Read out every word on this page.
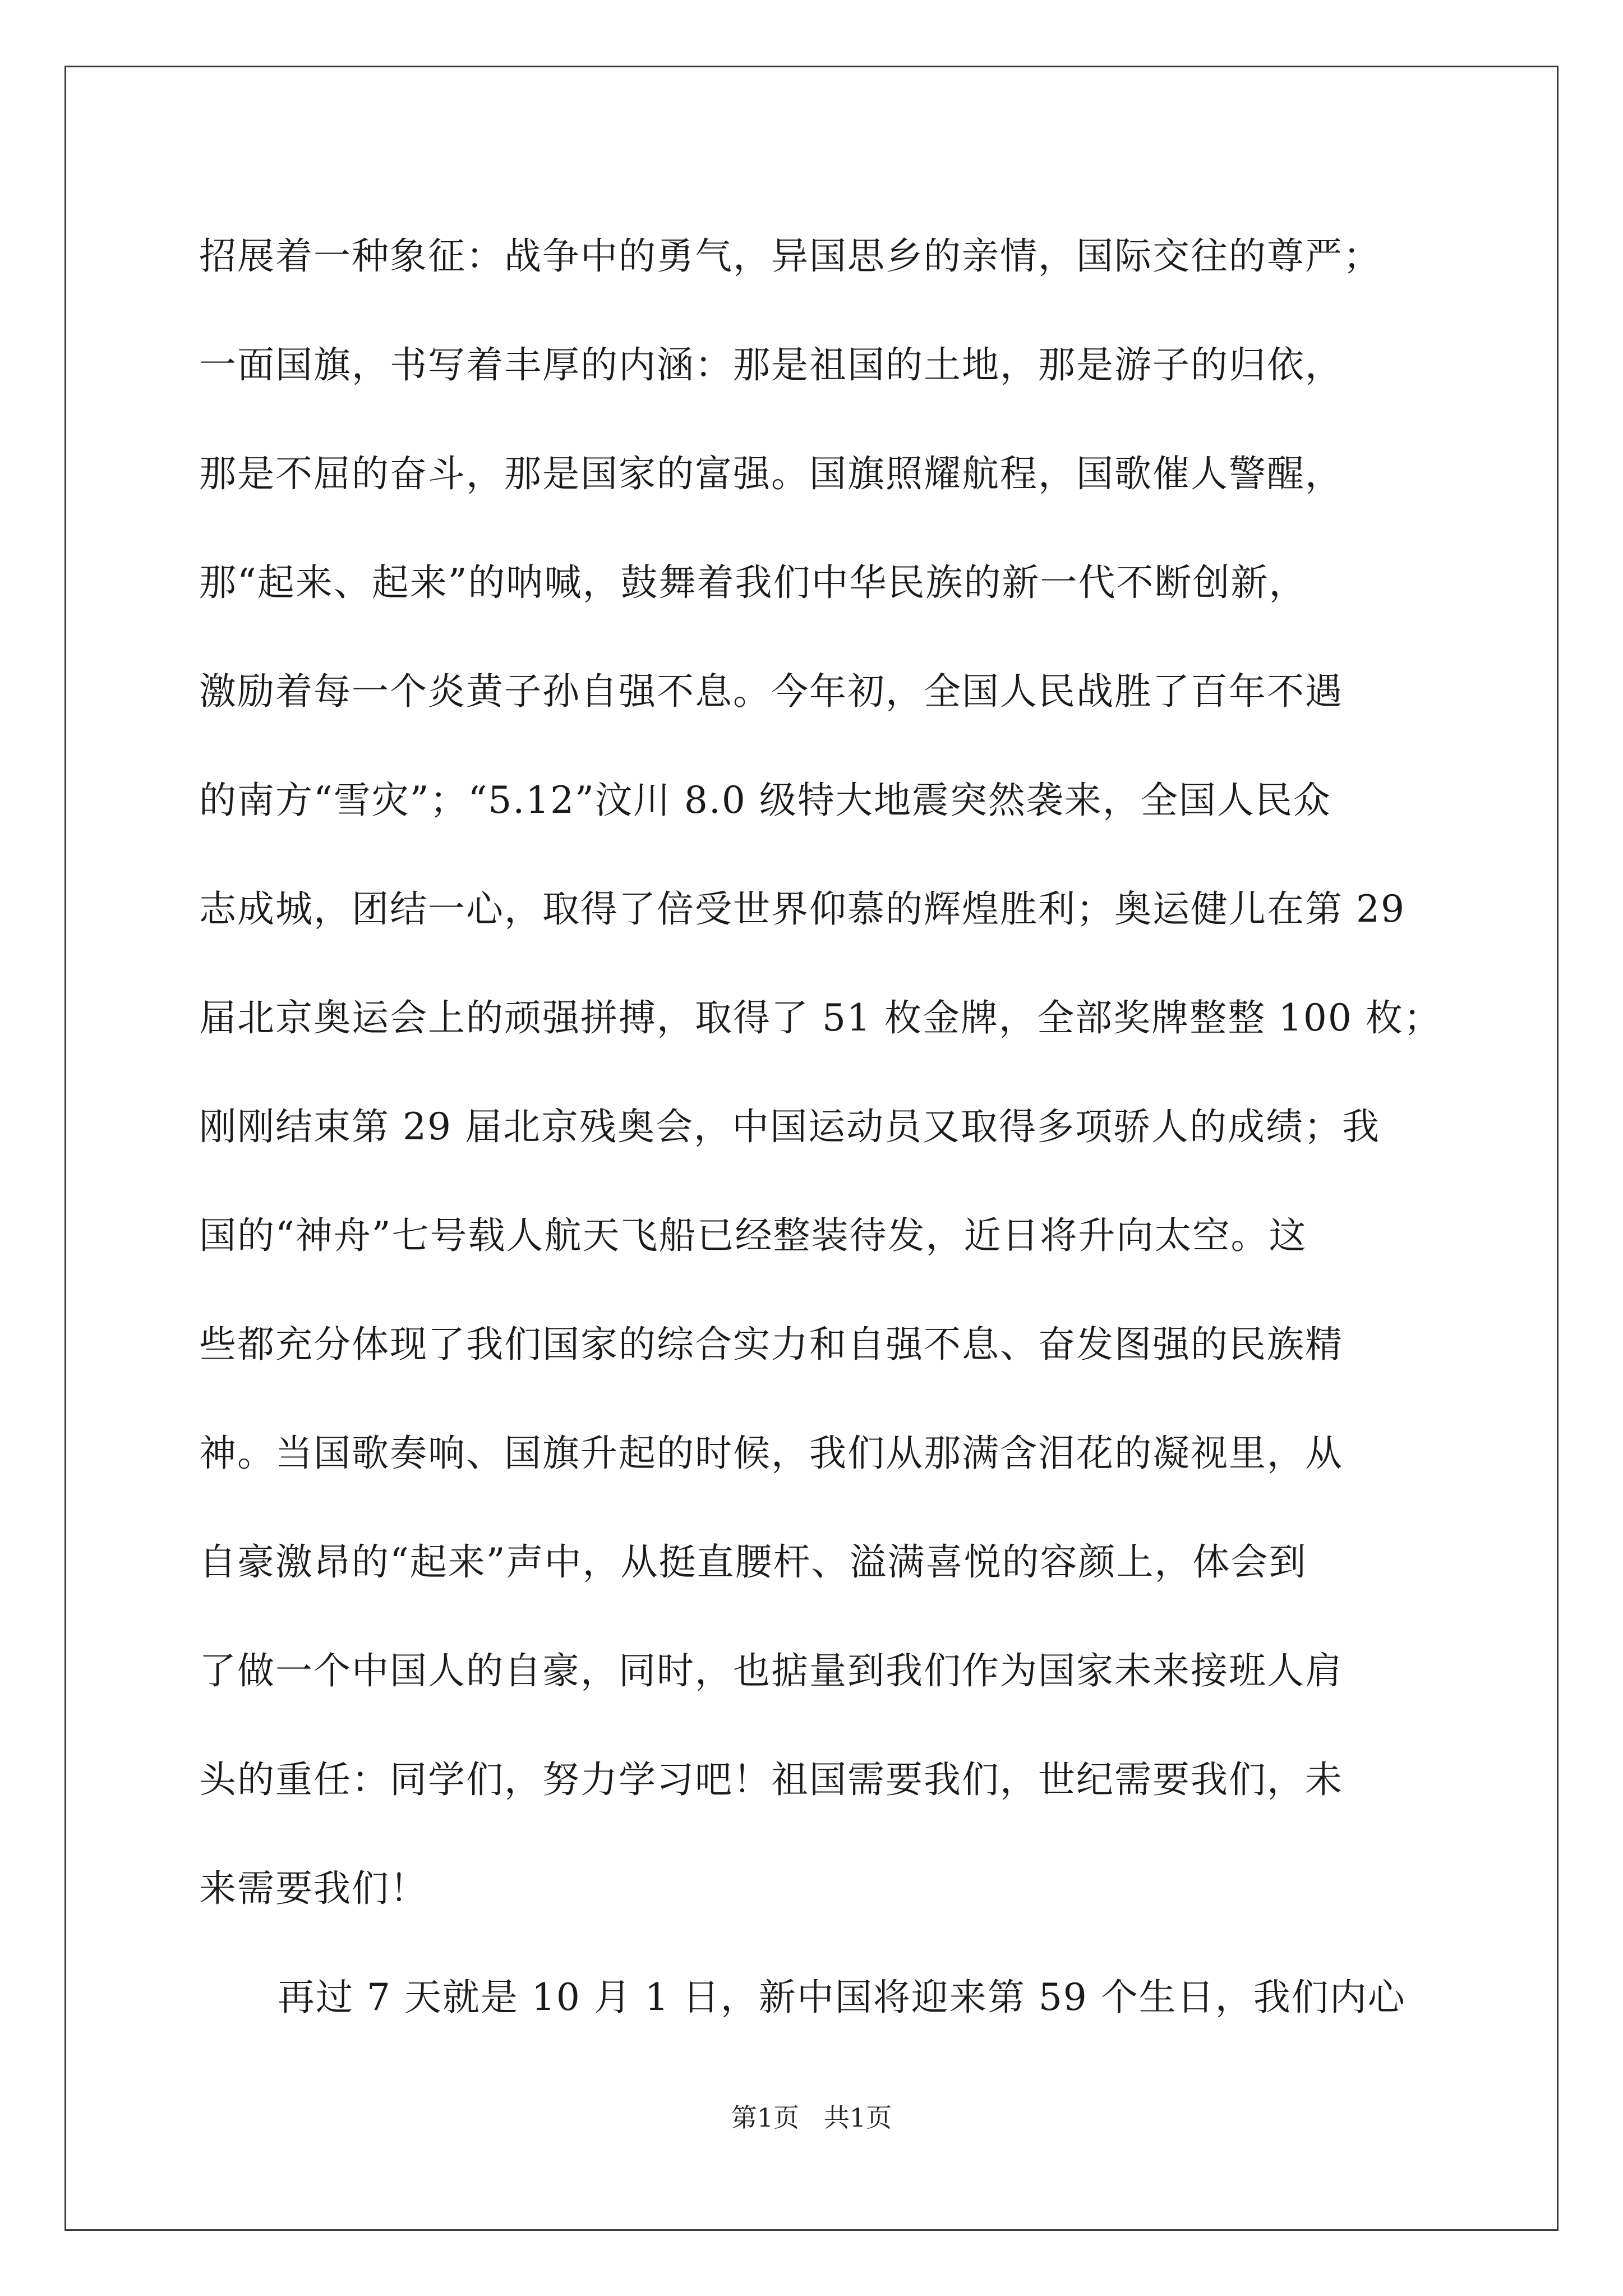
招展着一种象征：战争中的勇气，异国思乡的亲情，国际交往的尊严；
一面国旗，书写着丰厚的内涵：那是祖国的土地，那是游子的归依，
那是不屈的奋斗，那是国家的富强。国旗照耀航程，国歌催人警醒，
那“起来、起来”的呐喊，鼓舞着我们中华民族的新一代不断创新，
激励着每一个炎黄子孙自强不息。今年初，全国人民战胜了百年不遇
的南方“雪灾”；“5.12”汶川 8.0 级特大地震突然袭来，全国人民众
志成城，团结一心，取得了倍受世界仰慕的辉煌胜利；奥运健儿在第 29
届北京奥运会上的顽强拼搏，取得了 51 枚金牌，全部奖牌整整 100 枚；
刚刚结束第 29 届北京残奥会，中国运动员又取得多项骄人的成绩；我
国的“神舟”七号载人航天飞船已经整装待发，近日将升向太空。这
些都充分体现了我们国家的综合实力和自强不息、奋发图强的民族精
神。当国歌奏响、国旗升起的时候，我们从那满含泪花的凝视里，从
自豪激昂的“起来”声中，从挺直腰杆、溢满喜悦的容颜上，体会到
了做一个中国人的自豪，同时，也掂量到我们作为国家未来接班人肩
头的重任：同学们，努力学习吧！祖国需要我们，世纪需要我们，未
来需要我们！
再过 7 天就是 10 月 1 日，新中国将迎来第 59 个生日，我们内心
第1页   共1页
